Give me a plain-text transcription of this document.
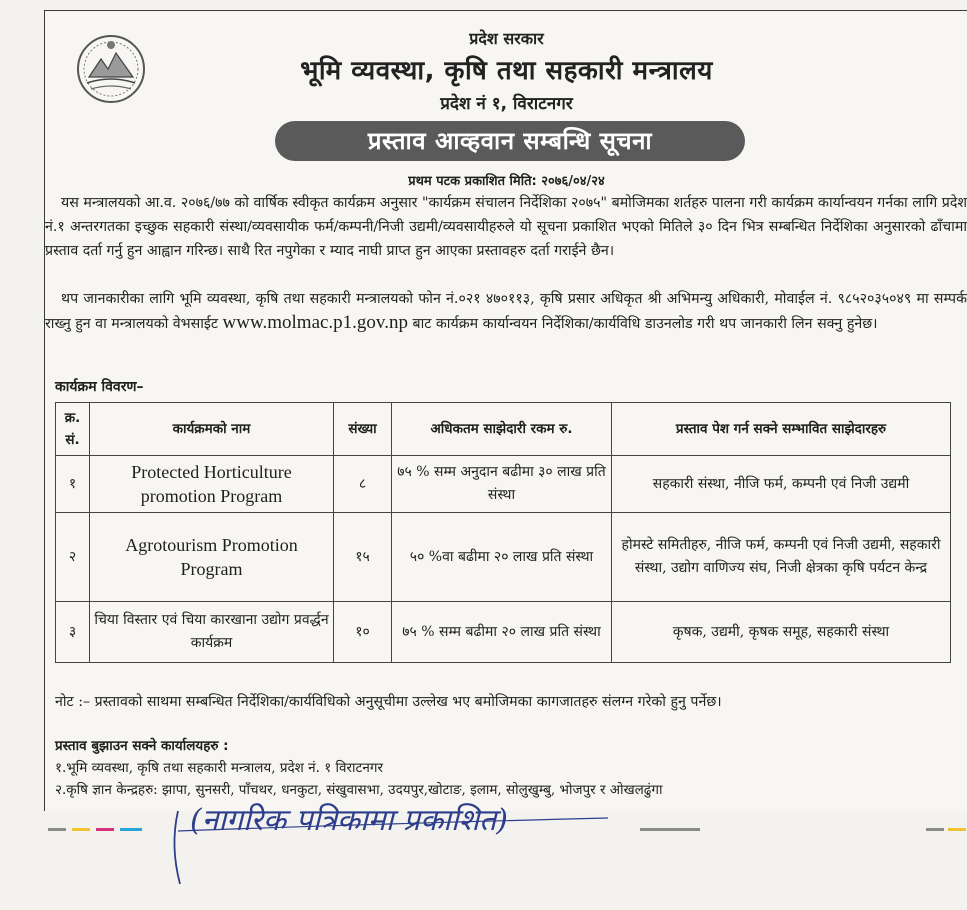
प्रदेश सरकार
भूमि व्यवस्था, कृषि तथा सहकारी मन्त्रालय
प्रदेश नं १, विराटनगर
प्रस्ताव आव्हवान सम्बन्धि सूचना
प्रथम पटक प्रकाशित मिति: २०७६/०४/२४
यस मन्त्रालयको आ.व. २०७६/७७ को वार्षिक स्वीकृत कार्यक्रम अनुसार "कार्यक्रम संचालन निर्देशिका २०७५" बमोजिमका शर्तहरु पालना गरी कार्यक्रम कार्यान्वयन गर्नका लागि प्रदेश नं.१ अन्तरगतका इच्छुक सहकारी संस्था/व्यवसायीक फर्म/कम्पनी/निजी उद्यमी/व्यवसायीहरुले यो सूचना प्रकाशित भएको मितिले ३० दिन भित्र सम्बन्धित निर्देशिका अनुसारको ढाँचामा प्रस्ताव दर्ता गर्नु हुन आह्वान गरिन्छ। साथै रित नपुगेका र म्याद नाघी प्राप्त हुन आएका प्रस्तावहरु दर्ता गराईने छैन।
थप जानकारीका लागि भूमि व्यवस्था, कृषि तथा सहकारी मन्त्रालयको फोन नं.०२१ ४७०११३, कृषि प्रसार अधिकृत श्री अभिमन्यु अधिकारी, मोवाईल नं. ९८५२०३५०४९ मा सम्पर्क राख्नु हुन वा मन्त्रालयको वेभसाईट www.molmac.p1.gov.np बाट कार्यक्रम कार्यान्वयन निर्देशिका/कार्यविधि डाउनलोड गरी थप जानकारी लिन सक्नु हुनेछ।
कार्यक्रम विवरण–
क्र. सं.	कार्यक्रमको नाम	संख्या	अधिकतम साझेदारी रकम रु.	प्रस्ताव पेश गर्न सक्ने सम्भावित साझेदारहरु
१	Protected Horticulture promotion Program	८	७५ % सम्म अनुदान बढीमा ३० लाख प्रति संस्था	सहकारी संस्था, नीजि फर्म, कम्पनी एवं निजी उद्यमी
२	Agrotourism Promotion Program	१५	५० %वा बढीमा २० लाख प्रति संस्था	होमस्टे समितीहरु, नीजि फर्म, कम्पनी एवं निजी उद्यमी, सहकारी संस्था, उद्योग वाणिज्य संघ, निजी क्षेत्रका कृषि पर्यटन केन्द्र
३	चिया विस्तार एवं चिया कारखाना उद्योग प्रवर्द्धन कार्यक्रम	१०	७५ % सम्म बढीमा २० लाख प्रति संस्था	कृषक, उद्यमी, कृषक समूह, सहकारी संस्था
नोट :– प्रस्तावको साथमा सम्बन्धित निर्देशिका/कार्यविधिको अनुसूचीमा उल्लेख भए बमोजिमका कागजातहरु संलग्न गरेको हुनु पर्नेछ।
प्रस्ताव बुझाउन सक्ने कार्यालयहरु :
१.भूमि व्यवस्था, कृषि तथा सहकारी मन्त्रालय, प्रदेश नं. १ विराटनगर
२.कृषि ज्ञान केन्द्रहरु: झापा, सुनसरी, पाँचथर, धनकुटा, संखुवासभा, उदयपुर,खोटाङ, इलाम, सोलुखुम्बु, भोजपुर र ओखलढुंगा
(नागरिक पत्रिकामा प्रकाशित)
